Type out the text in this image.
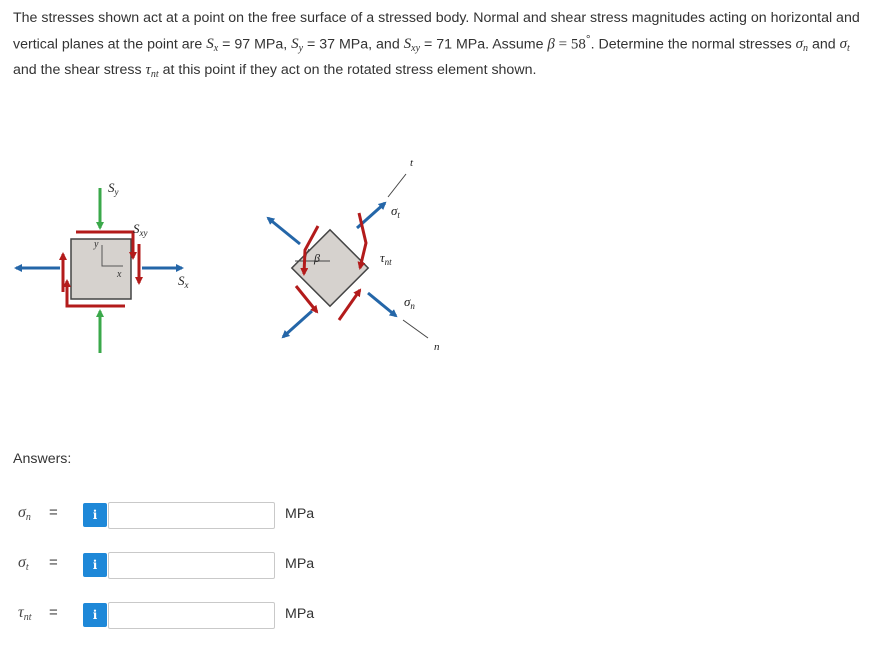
The stresses shown act at a point on the free surface of a stressed body. Normal and shear stress magnitudes acting on horizontal and
vertical planes at the point are $S_x = 97$ MPa, $S_y = 37$ MPa, and $S_{xy} = 71$ MPa. Assume β = 58°. Determine the normal stresses $\sigma_n$ and $\sigma_t$
and the shear stress $\tau_{nt}$ at this point if they act on the rotated stress element shown.
y
x
$S_y$
$S_{xy}$
$S_x$
β
t
n
$\sigma_t$
$\tau_{nt}$
$\sigma_n$
Answers:
$\sigma_n$ =	i	MPa
$\sigma_t$ =	i	MPa
$\tau_{nt}$ =	i	MPa
